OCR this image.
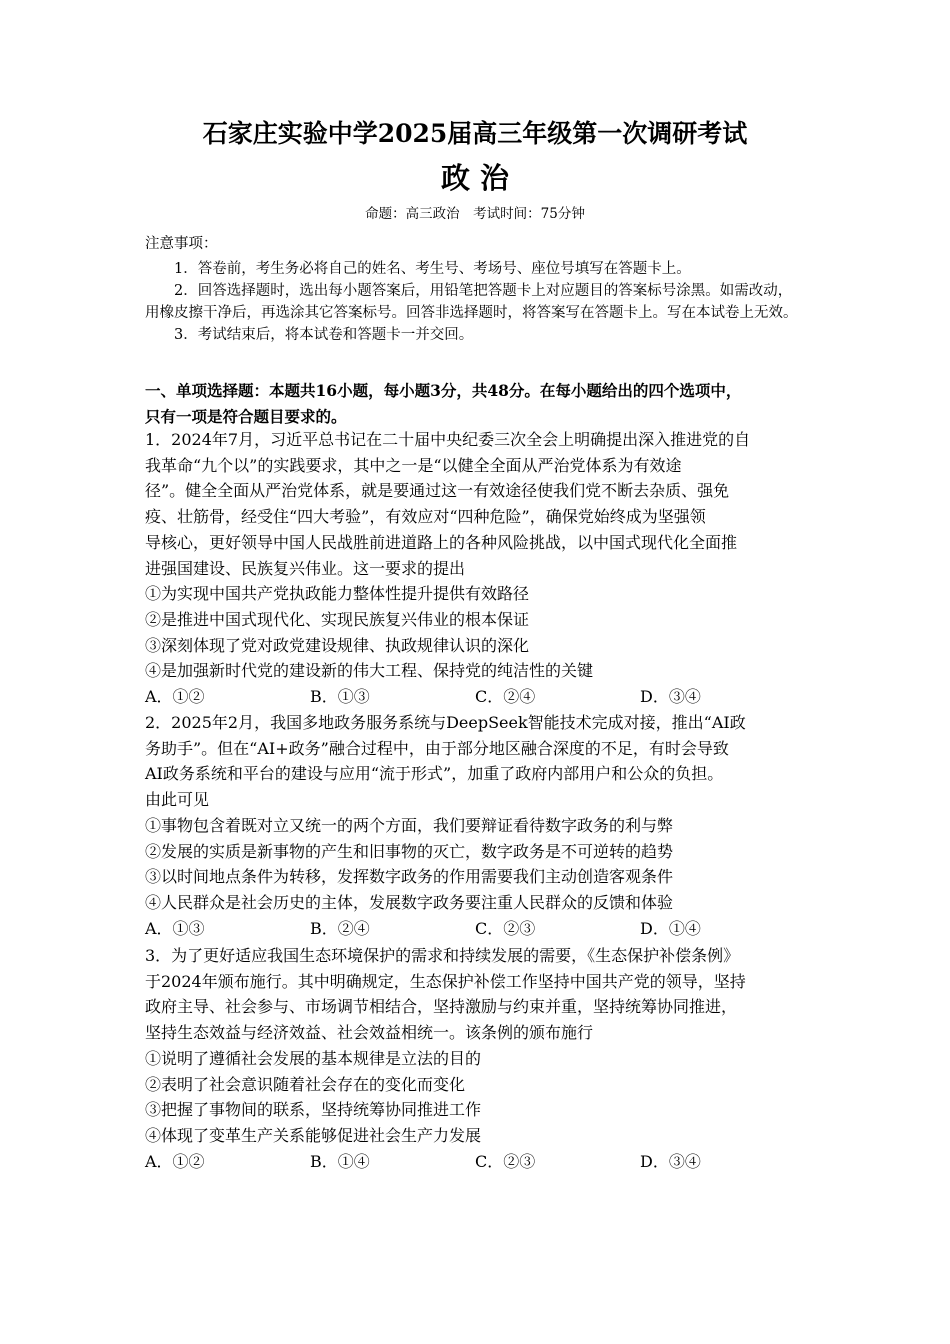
石家庄实验中学2025届高三年级第一次调研考试
政 治
命题：高三政治　考试时间：75分钟
注意事项：

1．答卷前，考生务必将自己的姓名、考生号、考场号、座位号填写在答题卡上。

2．回答选择题时，选出每小题答案后，用铅笔把答题卡上对应题目的答案标号涂黑。如需改动，用橡皮擦干净后，再选涂其它答案标号。回答非选择题时，将答案写在答题卡上。写在本试卷上无效。

3．考试结束后，将本试卷和答题卡一并交回。

一、单项选择题：本题共16小题，每小题3分，共48分。在每小题给出的四个选项中，
只有一项是符合题目要求的。

1．2024年7月，习近平总书记在二十届中央纪委三次全会上明确提出深入推进党的自

我革命“九个以”的实践要求，其中之一是“以健全全面从严治党体系为有效途

径”。健全全面从严治党体系，就是要通过这一有效途径使我们党不断去杂质、强免

疫、壮筋骨，经受住“四大考验”，有效应对“四种危险”，确保党始终成为坚强领

导核心，更好领导中国人民战胜前进道路上的各种风险挑战，以中国式现代化全面推

进强国建设、民族复兴伟业。这一要求的提出

①为实现中国共产党执政能力整体性提升提供有效路径

②是推进中国式现代化、实现民族复兴伟业的根本保证

③深刻体现了党对政党建设规律、执政规律认识的深化

④是加强新时代党的建设新的伟大工程、保持党的纯洁性的关键

A．①②	B．①③	C．②④	D．③④

2．2025年2月，我国多地政务服务系统与DeepSeek智能技术完成对接，推出“AI政

务助手”。但在“AI+政务”融合过程中，由于部分地区融合深度的不足，有时会导致

AI政务系统和平台的建设与应用“流于形式”，加重了政府内部用户和公众的负担。

由此可见

①事物包含着既对立又统一的两个方面，我们要辩证看待数字政务的利与弊

②发展的实质是新事物的产生和旧事物的灭亡，数字政务是不可逆转的趋势

③以时间地点条件为转移，发挥数字政务的作用需要我们主动创造客观条件

④人民群众是社会历史的主体，发展数字政务要注重人民群众的反馈和体验

A．①③	B．②④	C．②③	D．①④

3．为了更好适应我国生态环境保护的需求和持续发展的需要，《生态保护补偿条例》

于2024年颁布施行。其中明确规定，生态保护补偿工作坚持中国共产党的领导，坚持

政府主导、社会参与、市场调节相结合，坚持激励与约束并重，坚持统筹协同推进，

坚持生态效益与经济效益、社会效益相统一。该条例的颁布施行

①说明了遵循社会发展的基本规律是立法的目的

②表明了社会意识随着社会存在的变化而变化

③把握了事物间的联系，坚持统筹协同推进工作

④体现了变革生产关系能够促进社会生产力发展

A．①②	B．①④	C．②③	D．③④
